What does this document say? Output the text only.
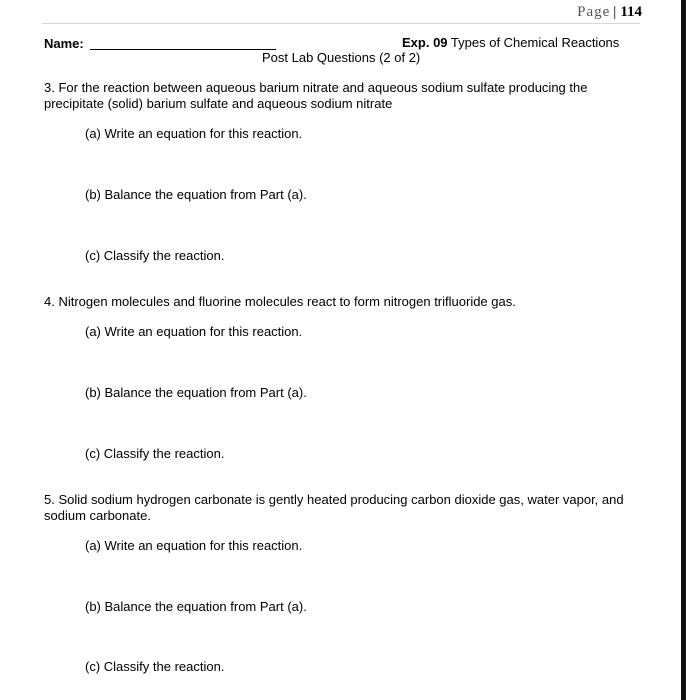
Page | 114
Name:	Exp. 09 Types of Chemical Reactions
Post Lab Questions (2 of 2)
3. For the reaction between aqueous barium nitrate and aqueous sodium sulfate producing the precipitate (solid) barium sulfate and aqueous sodium nitrate
(a) Write an equation for this reaction.
(b) Balance the equation from Part (a).
(c) Classify the reaction.
4. Nitrogen molecules and fluorine molecules react to form nitrogen trifluoride gas.
(a) Write an equation for this reaction.
(b) Balance the equation from Part (a).
(c) Classify the reaction.
5. Solid sodium hydrogen carbonate is gently heated producing carbon dioxide gas, water vapor, and sodium carbonate.
(a) Write an equation for this reaction.
(b) Balance the equation from Part (a).
(c) Classify the reaction.
